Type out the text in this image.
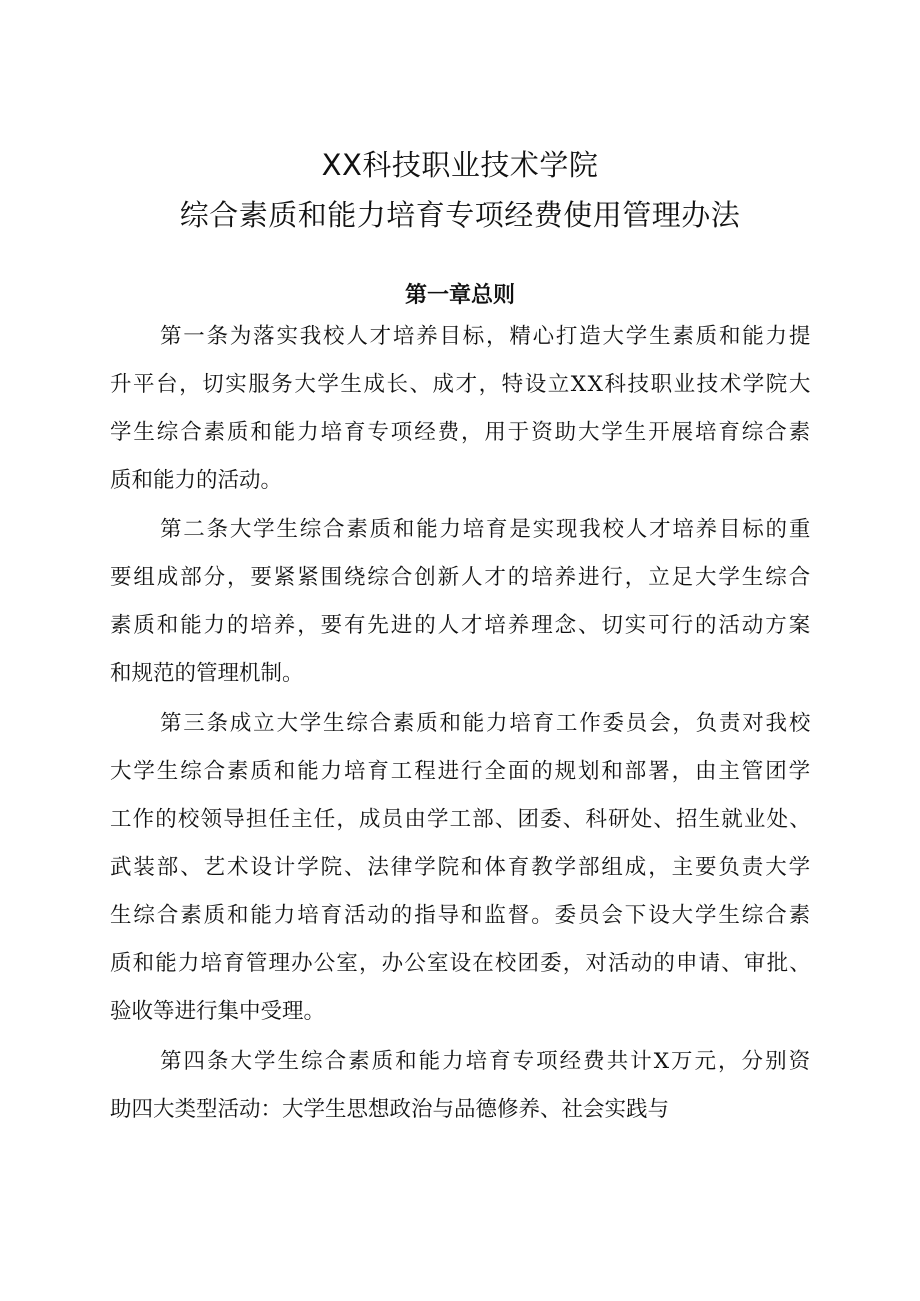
XX科技职业技术学院
综合素质和能力培育专项经费使用管理办法
第一章总则
第一条为落实我校人才培养目标，精心打造大学生素质和能力提
升平台，切实服务大学生成长、成才，特设立XX科技职业技术学院大
学生综合素质和能力培育专项经费，用于资助大学生开展培育综合素
质和能力的活动。
第二条大学生综合素质和能力培育是实现我校人才培养目标的重
要组成部分，要紧紧围绕综合创新人才的培养进行，立足大学生综合
素质和能力的培养，要有先进的人才培养理念、切实可行的活动方案
和规范的管理机制。
第三条成立大学生综合素质和能力培育工作委员会，负责对我校
大学生综合素质和能力培育工程进行全面的规划和部署，由主管团学
工作的校领导担任主任，成员由学工部、团委、科研处、招生就业处、
武装部、艺术设计学院、法律学院和体育教学部组成，主要负责大学
生综合素质和能力培育活动的指导和监督。委员会下设大学生综合素
质和能力培育管理办公室，办公室设在校团委，对活动的申请、审批、
验收等进行集中受理。
第四条大学生综合素质和能力培育专项经费共计X万元，分别资
助四大类型活动：大学生思想政治与品德修养、社会实践与
